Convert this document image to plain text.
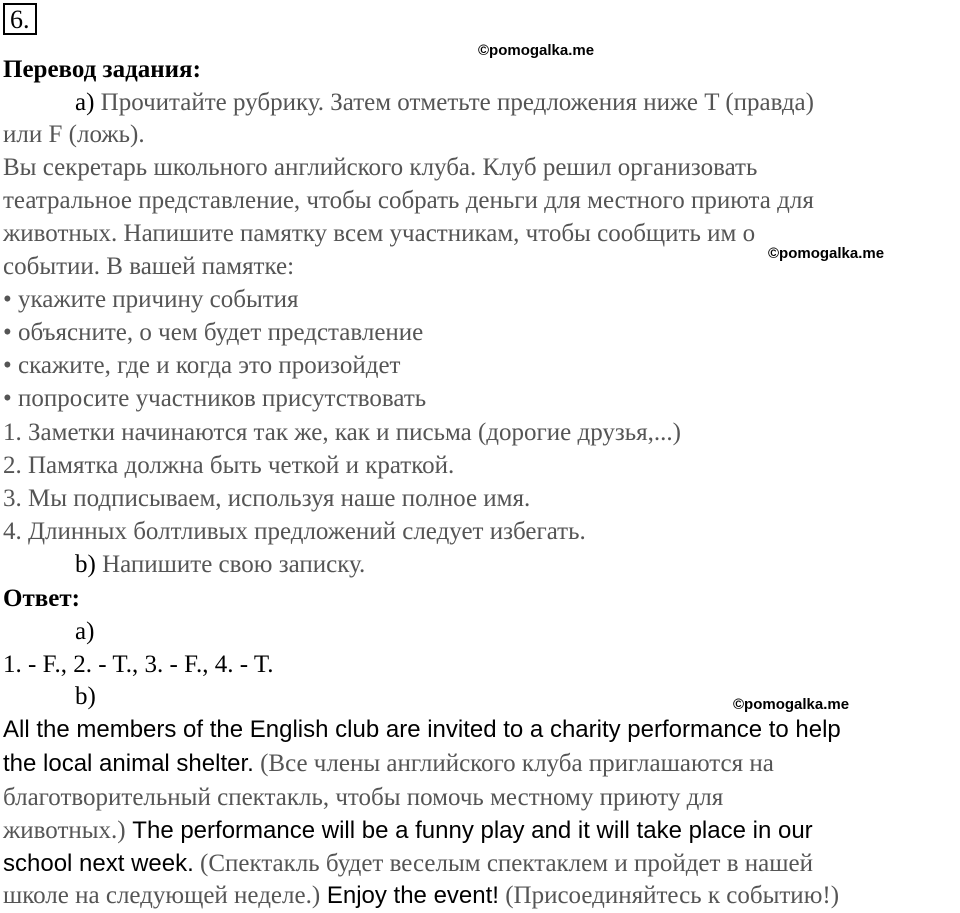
6.
©pomogalka.me
©pomogalka.me
©pomogalka.me
Перевод задания:
a) Прочитайте рубрику. Затем отметьте предложения ниже T (правда)
или F (ложь).
Вы секретарь школьного английского клуба. Клуб решил организовать
театральное представление, чтобы собрать деньги для местного приюта для
животных. Напишите памятку всем участникам, чтобы сообщить им о
событии. В вашей памятке:
• укажите причину события
• объясните, о чем будет представление
• скажите, где и когда это произойдет
• попросите участников присутствовать
1. Заметки начинаются так же, как и письма (дорогие друзья,...)
2. Памятка должна быть четкой и краткой.
3. Мы подписываем, используя наше полное имя.
4. Длинных болтливых предложений следует избегать.
b) Напишите свою записку.
Ответ:
a)
1. - F., 2. - T., 3. - F., 4. - T.
b)
All the members of the English club are invited to a charity performance to help
the local animal shelter. (Все члены английского клуба приглашаются на
благотворительный спектакль, чтобы помочь местному приюту для
животных.) The performance will be a funny play and it will take place in our
school next week. (Спектакль будет веселым спектаклем и пройдет в нашей
школе на следующей неделе.) Enjoy the event! (Присоединяйтесь к событию!)
